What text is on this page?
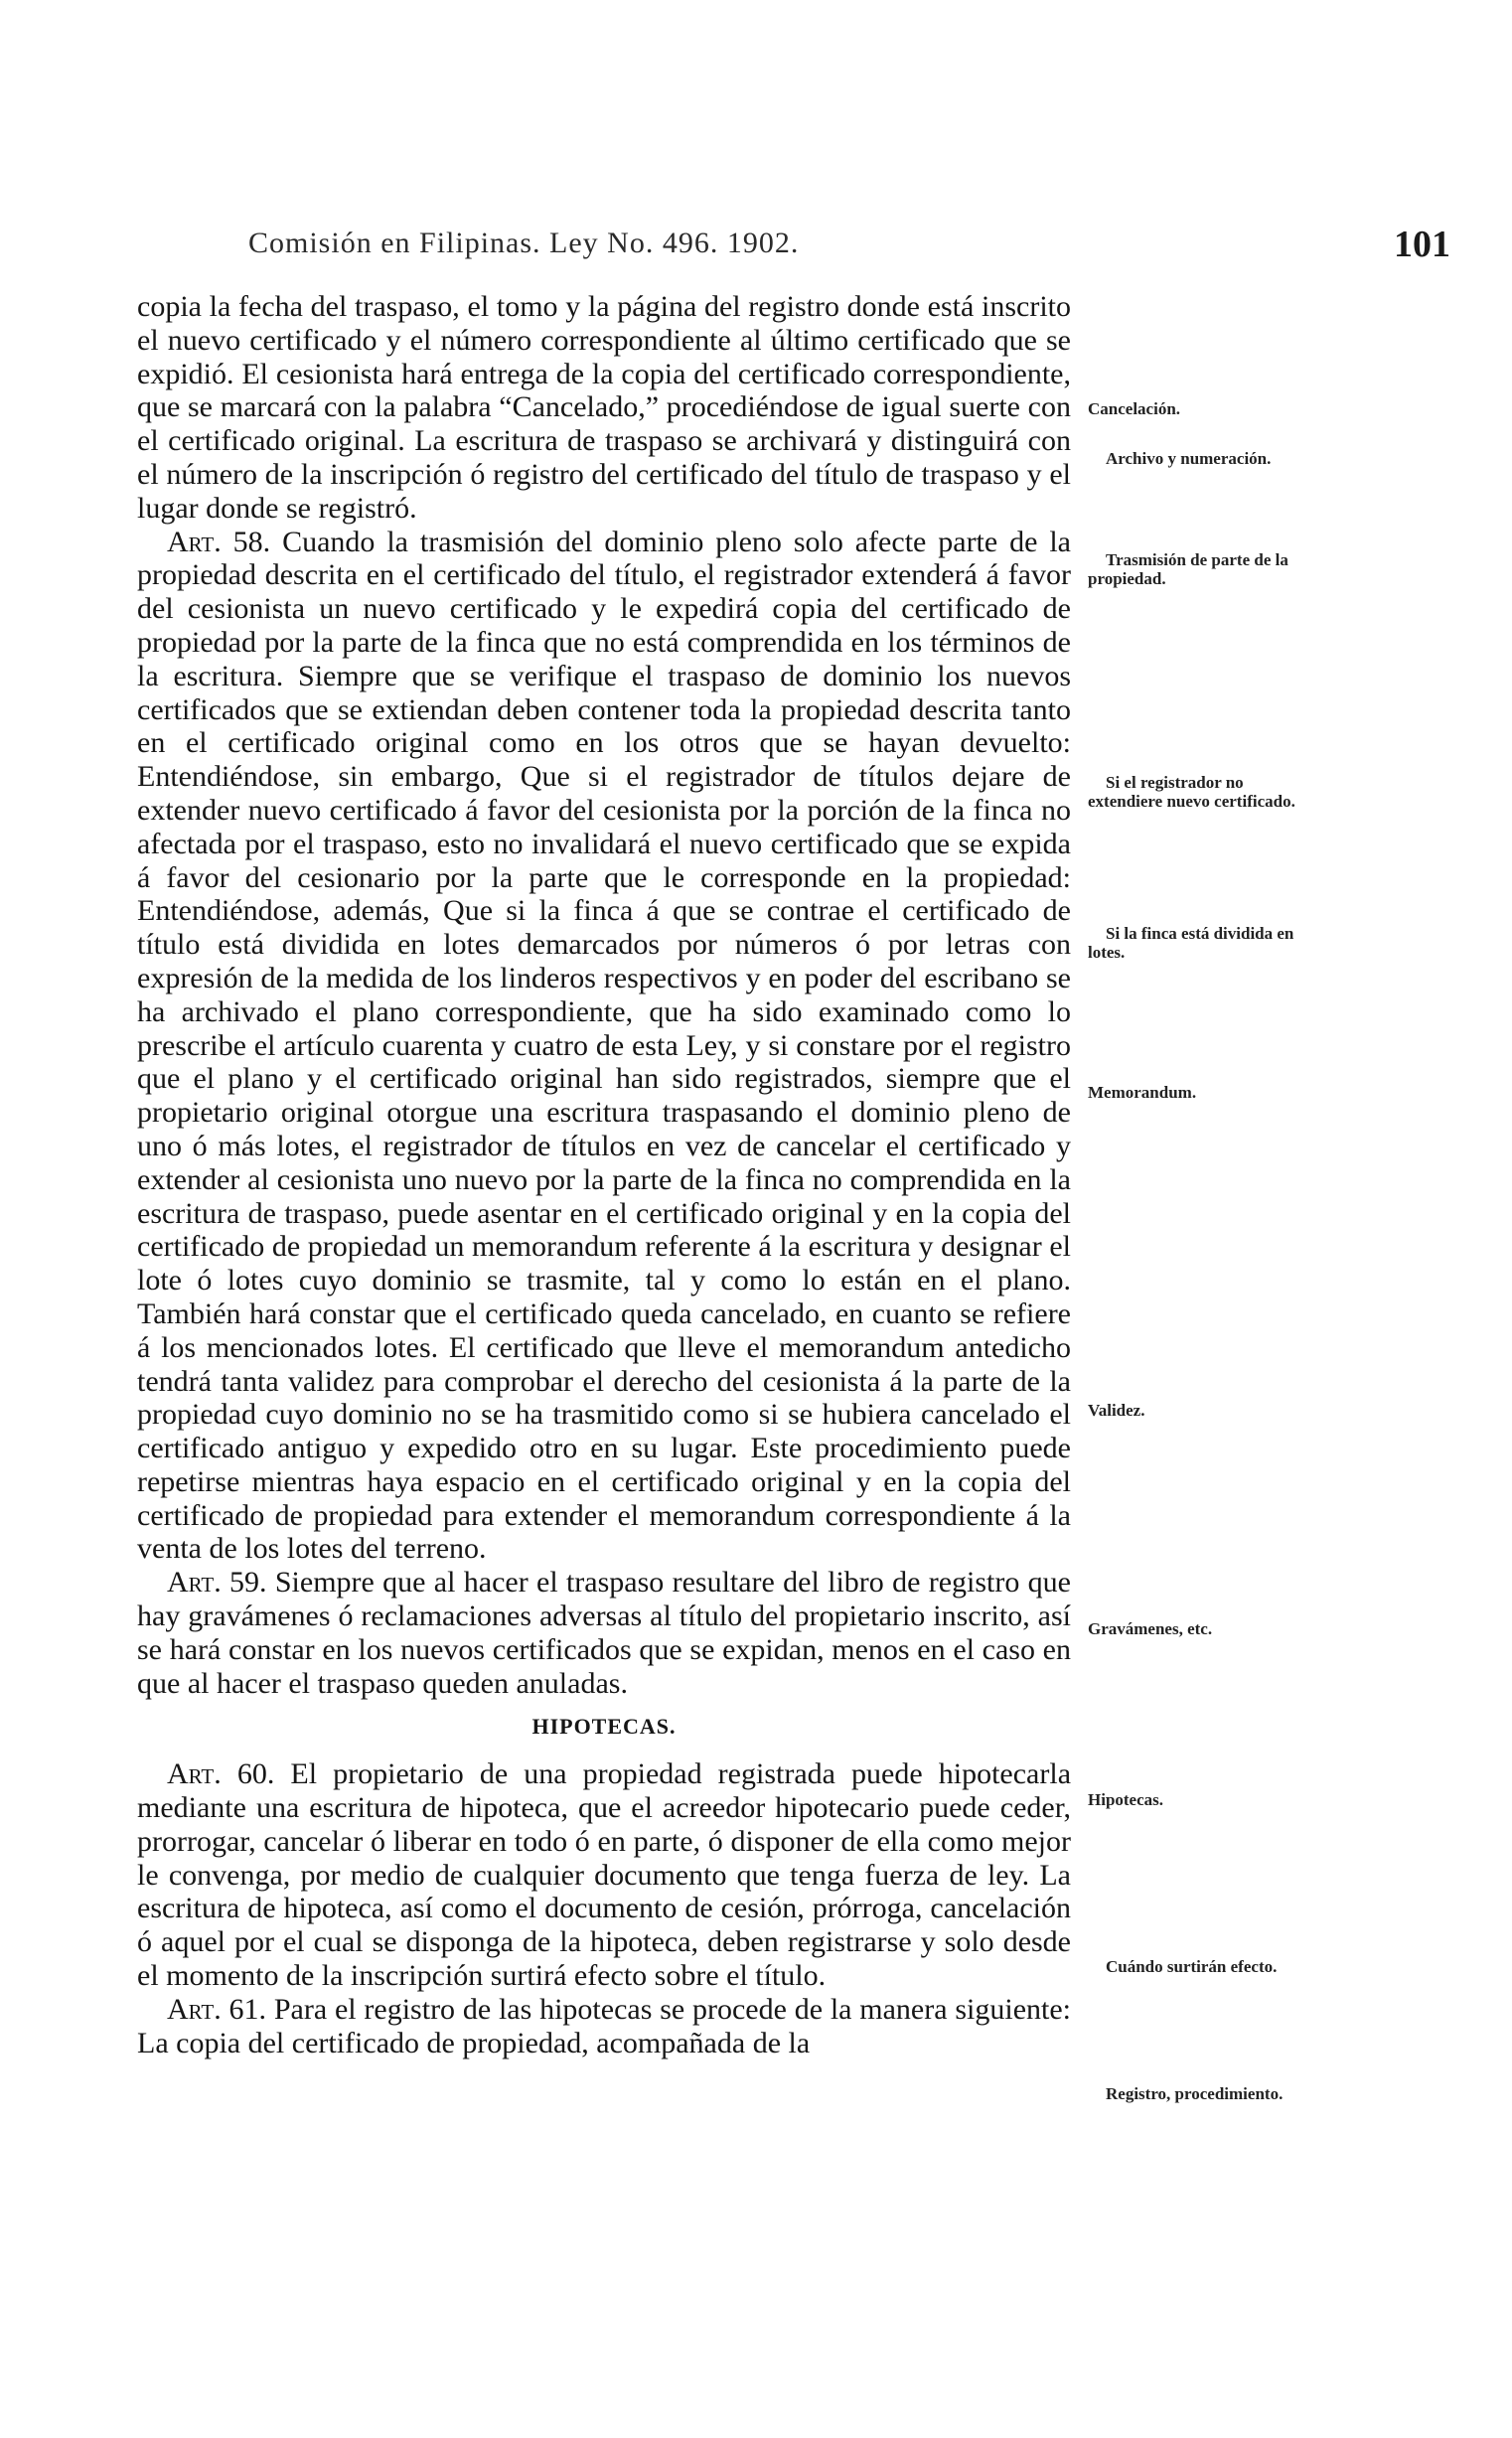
Comisión en Filipinas. Ley No. 496. 1902.	101

copia la fecha del traspaso, el tomo y la página del registro donde está inscrito el nuevo certificado y el número correspondiente al último certificado que se expidió. El cesionista hará entrega de la copia del certificado correspondiente, que se marcará con la palabra “Cancelado,” procediéndose de igual suerte con el certificado original. La escritura de traspaso se archivará y distinguirá con el número de la inscripción ó registro del certificado del título de traspaso y el lugar donde se registró.

Art. 58. Cuando la trasmisión del dominio pleno solo afecte parte de la propiedad descrita en el certificado del título, el registrador extenderá á favor del cesionista un nuevo certificado y le expedirá copia del certificado de propiedad por la parte de la finca que no está comprendida en los términos de la escritura. Siempre que se verifique el traspaso de dominio los nuevos certificados que se extiendan deben contener toda la propiedad descrita tanto en el certificado original como en los otros que se hayan devuelto: Entendiéndose, sin embargo, Que si el registrador de títulos dejare de extender nuevo certificado á favor del cesionista por la porción de la finca no afectada por el traspaso, esto no invalidará el nuevo certificado que se expida á favor del cesionario por la parte que le corresponde en la propiedad: Entendiéndose, además, Que si la finca á que se contrae el certificado de título está dividida en lotes demarcados por números ó por letras con expresión de la medida de los linderos respectivos y en poder del escribano se ha archivado el plano correspondiente, que ha sido examinado como lo prescribe el artículo cuarenta y cuatro de esta Ley, y si constare por el registro que el plano y el certificado original han sido registrados, siempre que el propietario original otorgue una escritura traspasando el dominio pleno de uno ó más lotes, el registrador de títulos en vez de cancelar el certificado y extender al cesionista uno nuevo por la parte de la finca no comprendida en la escritura de traspaso, puede asentar en el certificado original y en la copia del certificado de propiedad un memorandum referente á la escritura y designar el lote ó lotes cuyo dominio se trasmite, tal y como lo están en el plano. También hará constar que el certificado queda cancelado, en cuanto se refiere á los mencionados lotes. El certificado que lleve el memorandum antedicho tendrá tanta validez para comprobar el derecho del cesionista á la parte de la propiedad cuyo dominio no se ha trasmitido como si se hubiera cancelado el certificado antiguo y expedido otro en su lugar. Este procedimiento puede repetirse mientras haya espacio en el certificado original y en la copia del certificado de propiedad para extender el memorandum correspondiente á la venta de los lotes del terreno.

Art. 59. Siempre que al hacer el traspaso resultare del libro de registro que hay gravámenes ó reclamaciones adversas al título del propietario inscrito, así se hará constar en los nuevos certificados que se expidan, menos en el caso en que al hacer el traspaso queden anuladas.

HIPOTECAS.

Art. 60. El propietario de una propiedad registrada puede hipotecarla mediante una escritura de hipoteca, que el acreedor hipotecario puede ceder, prorrogar, cancelar ó liberar en todo ó en parte, ó disponer de ella como mejor le convenga, por medio de cualquier documento que tenga fuerza de ley. La escritura de hipoteca, así como el documento de cesión, prórroga, cancelación ó aquel por el cual se disponga de la hipoteca, deben registrarse y solo desde el momento de la inscripción surtirá efecto sobre el título.

Art. 61. Para el registro de las hipotecas se procede de la manera siguiente: La copia del certificado de propiedad, acompañada de la

Cancelación.
Archivo y numeración.
Trasmisión de parte de la propiedad.
Si el registrador no extendiere nuevo certificado.
Si la finca está dividida en lotes.
Memorandum.
Validez.
Gravámenes, etc.
Hipotecas.
Cuándo surtirán efecto.
Registro, procedimiento.
